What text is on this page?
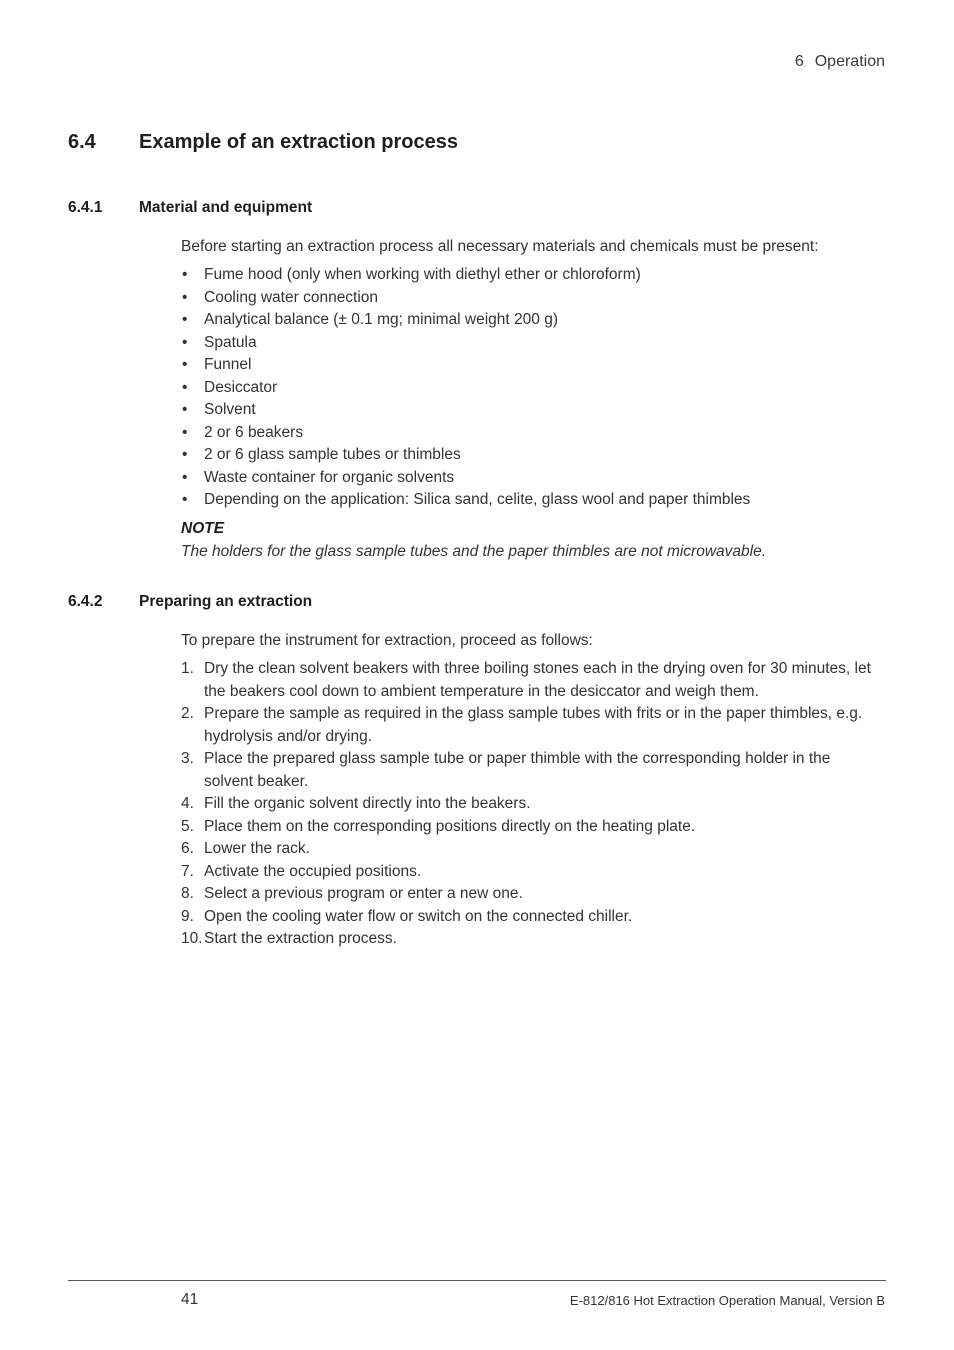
6 Operation
6.4 Example of an extraction process
6.4.1 Material and equipment
Before starting an extraction process all necessary materials and chemicals must be present:
• Fume hood (only when working with diethyl ether or chloroform)
• Cooling water connection
• Analytical balance (± 0.1 mg; minimal weight 200 g)
• Spatula
• Funnel
• Desiccator
• Solvent
• 2 or 6 beakers
• 2 or 6 glass sample tubes or thimbles
• Waste container for organic solvents
• Depending on the application: Silica sand, celite, glass wool and paper thimbles
NOTE
The holders for the glass sample tubes and the paper thimbles are not microwavable.
6.4.2 Preparing an extraction
To prepare the instrument for extraction, proceed as follows:
1. Dry the clean solvent beakers with three boiling stones each in the drying oven for 30 minutes, let the beakers cool down to ambient temperature in the desiccator and weigh them.
2. Prepare the sample as required in the glass sample tubes with frits or in the paper thimbles, e.g. hydrolysis and/or drying.
3. Place the prepared glass sample tube or paper thimble with the corresponding holder in the solvent beaker.
4. Fill the organic solvent directly into the beakers.
5. Place them on the corresponding positions directly on the heating plate.
6. Lower the rack.
7. Activate the occupied positions.
8. Select a previous program or enter a new one.
9. Open the cooling water flow or switch on the connected chiller.
10. Start the extraction process.
41	E-812/816 Hot Extraction Operation Manual, Version B
